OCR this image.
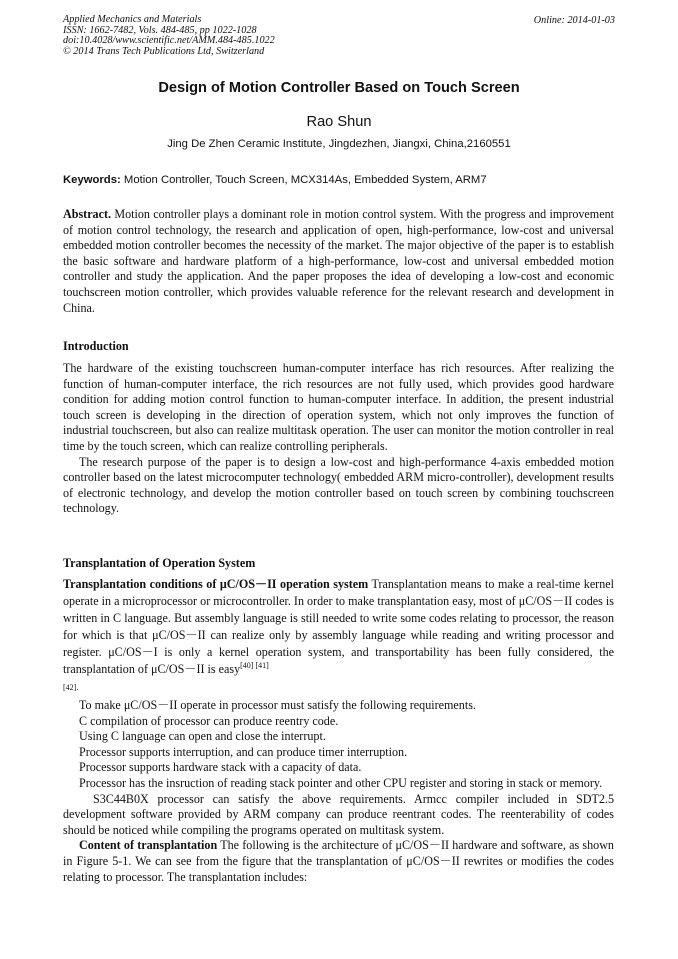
Applied Mechanics and Materials
ISSN: 1662-7482, Vols. 484-485, pp 1022-1028
doi:10.4028/www.scientific.net/AMM.484-485.1022
© 2014 Trans Tech Publications Ltd, Switzerland
Online: 2014-01-03
Design of Motion Controller Based on Touch Screen
Rao Shun
Jing De Zhen Ceramic Institute, Jingdezhen, Jiangxi, China,2160551
Keywords: Motion Controller, Touch Screen, MCX314As, Embedded System, ARM7

Abstract. Motion controller plays a dominant role in motion control system. With the progress and improvement of motion control technology, the research and application of open, high-performance, low-cost and universal embedded motion controller becomes the necessity of the market. The major objective of the paper is to establish the basic software and hardware platform of a high-performance, low-cost and universal embedded motion controller and study the application. And the paper proposes the idea of developing a low-cost and economic touchscreen motion controller, which provides valuable reference for the relevant research and development in China.

Introduction

The hardware of the existing touchscreen human-computer interface has rich resources. After realizing the function of human-computer interface, the rich resources are not fully used, which provides good hardware condition for adding motion control function to human-computer interface. In addition, the present industrial touch screen is developing in the direction of operation system, which not only improves the function of industrial touchscreen, but also can realize multitask operation. The user can monitor the motion controller in real time by the touch screen, which can realize controlling peripherals.

The research purpose of the paper is to design a low-cost and high-performance 4-axis embedded motion controller based on the latest microcomputer technology( embedded ARM micro-controller), development results of electronic technology, and develop the motion controller based on touch screen by combining touchscreen technology.

Transplantation of Operation System

Transplantation conditions of μC/OS－II operation system Transplantation means to make a real-time kernel operate in a microprocessor or microcontroller. In order to make transplantation easy, most of μC/OS－II codes is written in C language. But assembly language is still needed to write some codes relating to processor, the reason for which is that μC/OS－II can realize only by assembly language while reading and writing processor and register. μC/OS－I is only a kernel operation system, and transportability has been fully considered, the transplantation of μC/OS－II is easy[40] [41]
[42].

To make μC/OS－II operate in processor must satisfy the following requirements.

C compilation of processor can produce reentry code.

Using C language can open and close the interrupt.

Processor supports interruption, and can produce timer interruption.

Processor supports hardware stack with a capacity of data.

Processor has the insruction of reading stack pointer and other CPU register and storing in stack or memory.

S3C44B0X processor can satisfy the above requirements. Armcc compiler included in SDT2.5 development software provided by ARM company can produce reentrant codes. The reenterability of codes should be noticed while compiling the programs operated on multitask system.

Content of transplantation The following is the architecture of μC/OS－II hardware and software, as shown in Figure 5-1. We can see from the figure that the transplantation of μC/OS－II rewrites or modifies the codes relating to processor. The transplantation includes:
